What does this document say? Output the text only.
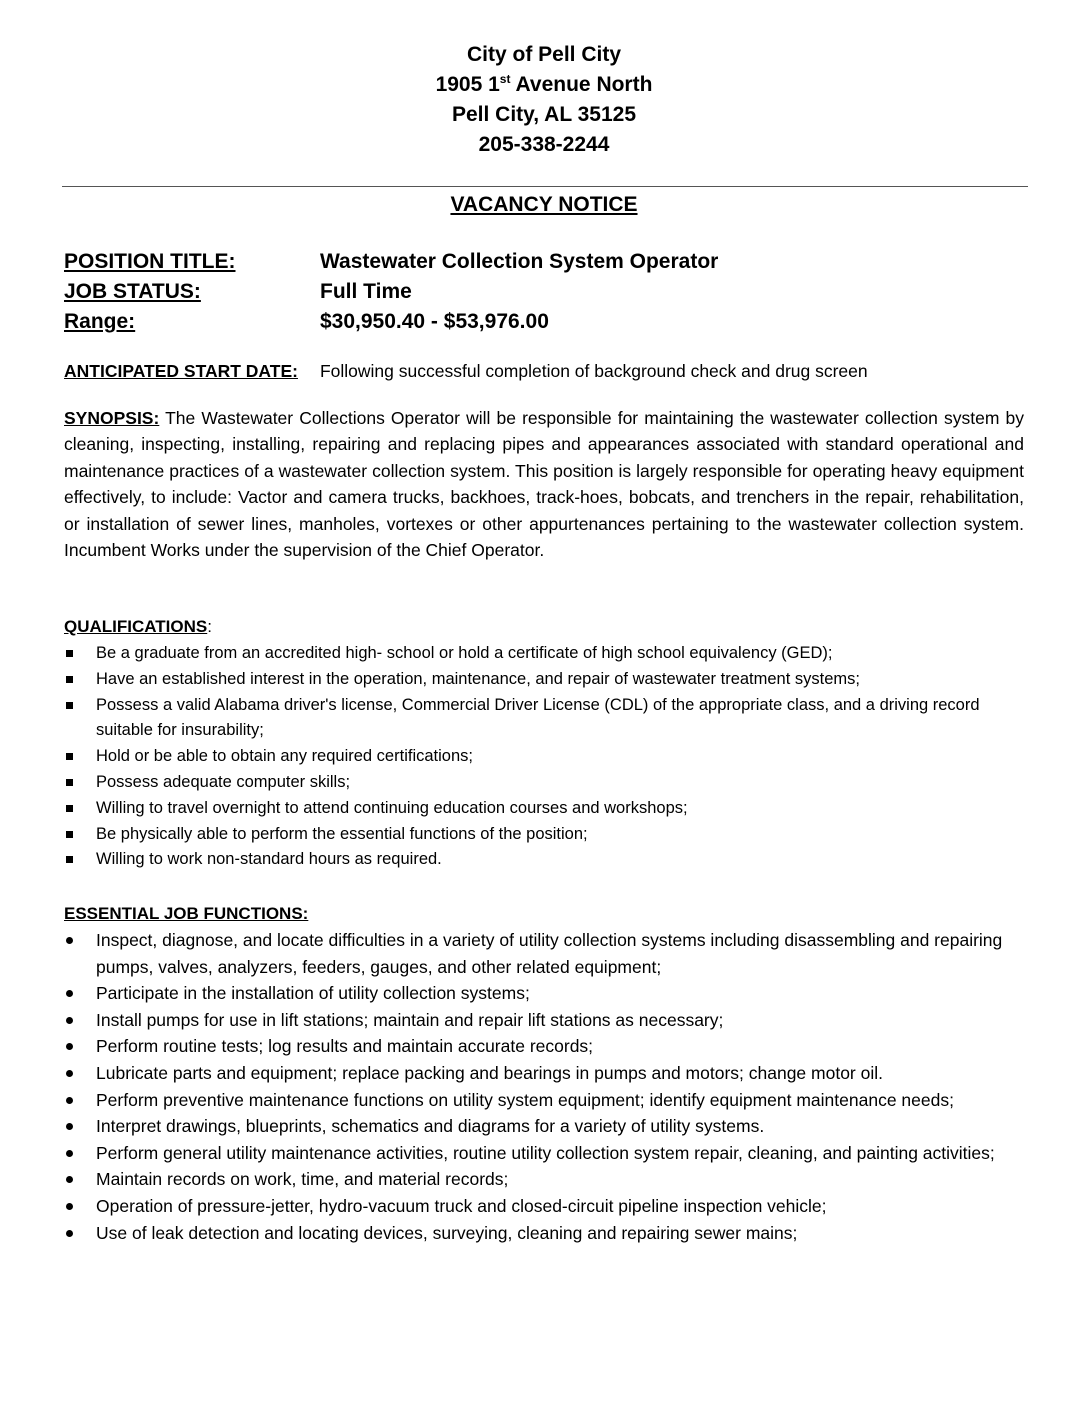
City of Pell City
1905 1st Avenue North
Pell City, AL 35125
205-338-2244
VACANCY NOTICE
POSITION TITLE:	Wastewater Collection System Operator
JOB STATUS:	Full Time
Range:	$30,950.40 - $53,976.00
ANTICIPATED START DATE: Following successful completion of background check and drug screen
SYNOPSIS: The Wastewater Collections Operator will be responsible for maintaining the wastewater collection system by cleaning, inspecting, installing, repairing and replacing pipes and appearances associated with standard operational and maintenance practices of a wastewater collection system. This position is largely responsible for operating heavy equipment effectively, to include: Vactor and camera trucks, backhoes, track-hoes, bobcats, and trenchers in the repair, rehabilitation, or installation of sewer lines, manholes, vortexes or other appurtenances pertaining to the wastewater collection system. Incumbent Works under the supervision of the Chief Operator.
QUALIFICATIONS:
Be a graduate from an accredited high- school or hold a certificate of high school equivalency (GED);
Have an established interest in the operation, maintenance, and repair of wastewater treatment systems;
Possess a valid Alabama driver's license, Commercial Driver License (CDL) of the appropriate class, and a driving record suitable for insurability;
Hold or be able to obtain any required certifications;
Possess adequate computer skills;
Willing to travel overnight to attend continuing education courses and workshops;
Be physically able to perform the essential functions of the position;
Willing to work non-standard hours as required.
ESSENTIAL JOB FUNCTIONS:
Inspect, diagnose, and locate difficulties in a variety of utility collection systems including disassembling and repairing pumps, valves, analyzers, feeders, gauges, and other related equipment;
Participate in the installation of utility collection systems;
Install pumps for use in lift stations; maintain and repair lift stations as necessary;
Perform routine tests; log results and maintain accurate records;
Lubricate parts and equipment; replace packing and bearings in pumps and motors; change motor oil.
Perform preventive maintenance functions on utility system equipment; identify equipment maintenance needs;
Interpret drawings, blueprints, schematics and diagrams for a variety of utility systems.
Perform general utility maintenance activities, routine utility collection system repair, cleaning, and painting activities;
Maintain records on work, time, and material records;
Operation of pressure-jetter, hydro-vacuum truck and closed-circuit pipeline inspection vehicle;
Use of leak detection and locating devices, surveying, cleaning and repairing sewer mains;
